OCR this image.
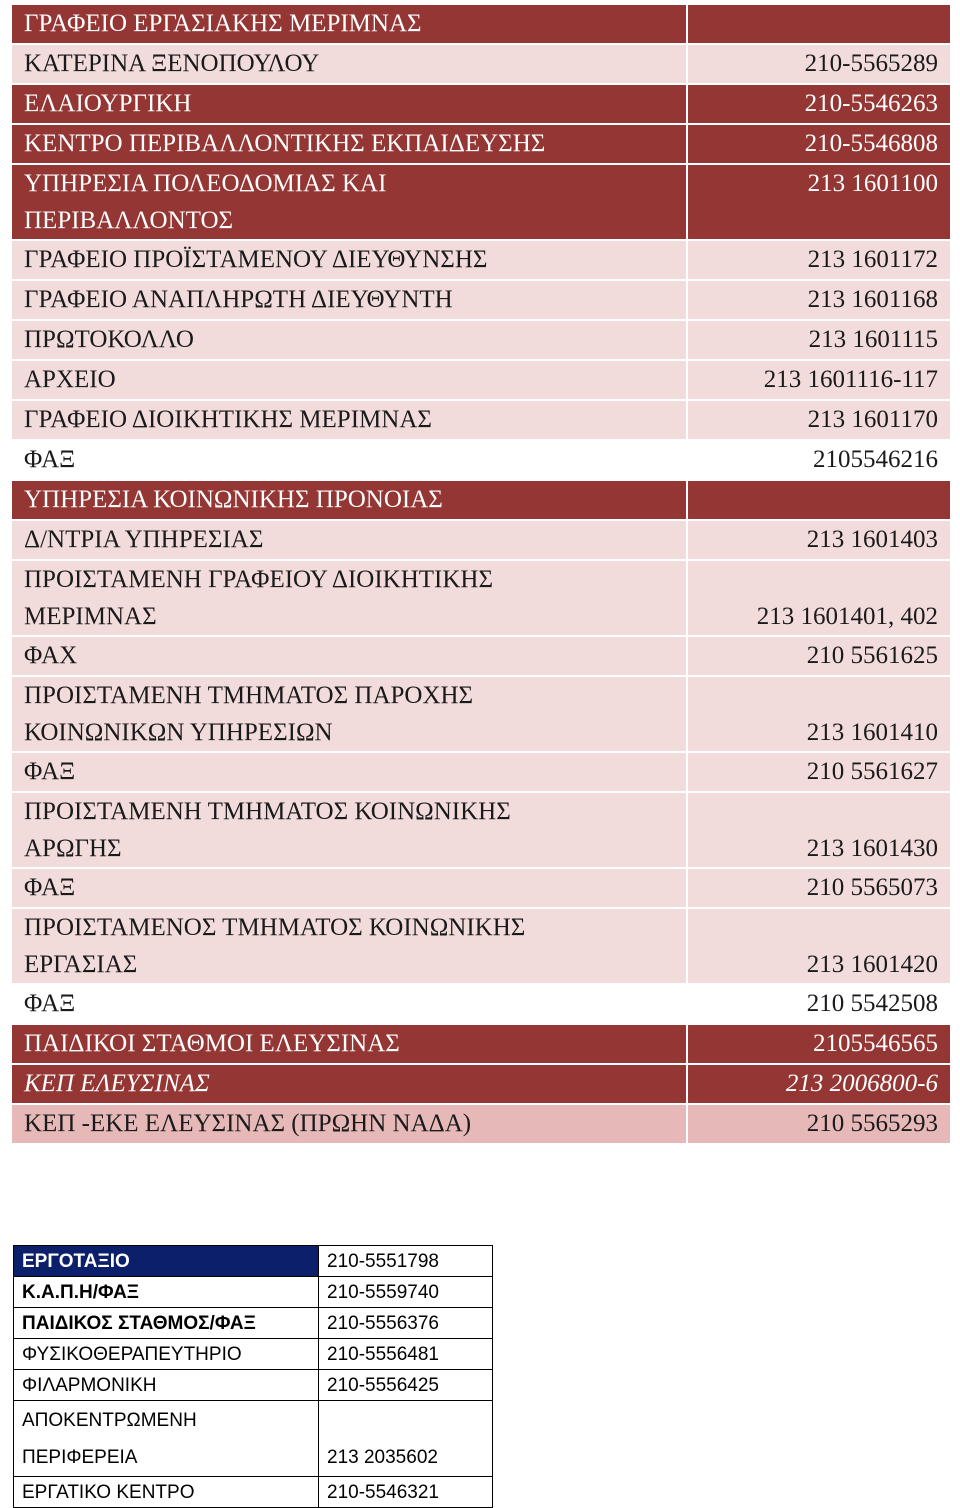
ΓΡΑΦΕΙΟ ΕΡΓΑΣΙΑΚΗΣ ΜΕΡΙΜΝΑΣ	

ΚΑΤΕΡΙΝΑ ΞΕΝΟΠΟΥΛΟΥ	210-5565289

ΕΛΑΙΟΥΡΓΙΚΗ	210-5546263

ΚΕΝΤΡΟ ΠΕΡΙΒΑΛΛΟΝΤΙΚΗΣ ΕΚΠΑΙΔΕΥΣΗΣ	210-5546808

ΥΠΗΡΕΣΙΑ ΠΟΛΕΟΔΟΜΙΑΣ ΚΑΙ
ΠΕΡΙΒΑΛΛΟΝΤΟΣ	213 1601100

ΓΡΑΦΕΙΟ ΠΡΟΪΣΤΑΜΕΝΟΥ ΔΙΕΥΘΥΝΣΗΣ	213 1601172

ΓΡΑΦΕΙΟ ΑΝΑΠΛΗΡΩΤΗ ΔΙΕΥΘΥΝΤΗ	213 1601168

ΠΡΩΤΟΚΟΛΛΟ	213 1601115

ΑΡΧΕΙΟ	213 1601116-117

ΓΡΑΦΕΙΟ ΔΙΟΙΚΗΤΙΚΗΣ ΜΕΡΙΜΝΑΣ	213 1601170

ΦΑΞ	2105546216

ΥΠΗΡΕΣΙΑ ΚΟΙΝΩΝΙΚΗΣ ΠΡΟΝΟΙΑΣ	

Δ/ΝΤΡΙΑ ΥΠΗΡΕΣΙΑΣ	213 1601403

ΠΡΟΙΣΤΑΜΕΝΗ ΓΡΑΦΕΙΟΥ ΔΙΟΙΚΗΤΙΚΗΣ
ΜΕΡΙΜΝΑΣ	213 1601401, 402

ΦΑΧ	210 5561625

ΠΡΟΙΣΤΑΜΕΝΗ ΤΜΗΜΑΤΟΣ ΠΑΡΟΧΗΣ
ΚΟΙΝΩΝΙΚΩΝ ΥΠΗΡΕΣΙΩΝ	213 1601410

ΦΑΞ	210 5561627

ΠΡΟΙΣΤΑΜΕΝΗ ΤΜΗΜΑΤΟΣ ΚΟΙΝΩΝΙΚΗΣ
ΑΡΩΓΗΣ	213 1601430

ΦΑΞ	210 5565073

ΠΡΟΙΣΤΑΜΕΝΟΣ ΤΜΗΜΑΤΟΣ ΚΟΙΝΩΝΙΚΗΣ
ΕΡΓΑΣΙΑΣ	213 1601420

ΦΑΞ	210 5542508

ΠΑΙΔΙΚΟΙ ΣΤΑΘΜΟΙ ΕΛΕΥΣΙΝΑΣ	2105546565

ΚΕΠ ΕΛΕΥΣΙΝΑΣ	213 2006800-6

ΚΕΠ -ΕΚΕ ΕΛΕΥΣΙΝΑΣ (ΠΡΩΗΝ ΝΑΔΑ)	210 5565293
ΕΡΓΟΤΑΞΙΟ	210-5551798

Κ.Α.Π.Η/ΦΑΞ	210-5559740

ΠΑΙΔΙΚΟΣ ΣΤΑΘΜΟΣ/ΦΑΞ	210-5556376

ΦΥΣΙΚΟΘΕΡΑΠΕΥΤΗΡΙΟ	210-5556481

ΦΙΛΑΡΜΟΝΙΚΗ	210-5556425

ΑΠΟΚΕΝΤΡΩΜΕΝΗ
ΠΕΡΙΦΕΡΕΙΑ	213 2035602

ΕΡΓΑΤΙΚΟ ΚΕΝΤΡΟ	210-5546321
